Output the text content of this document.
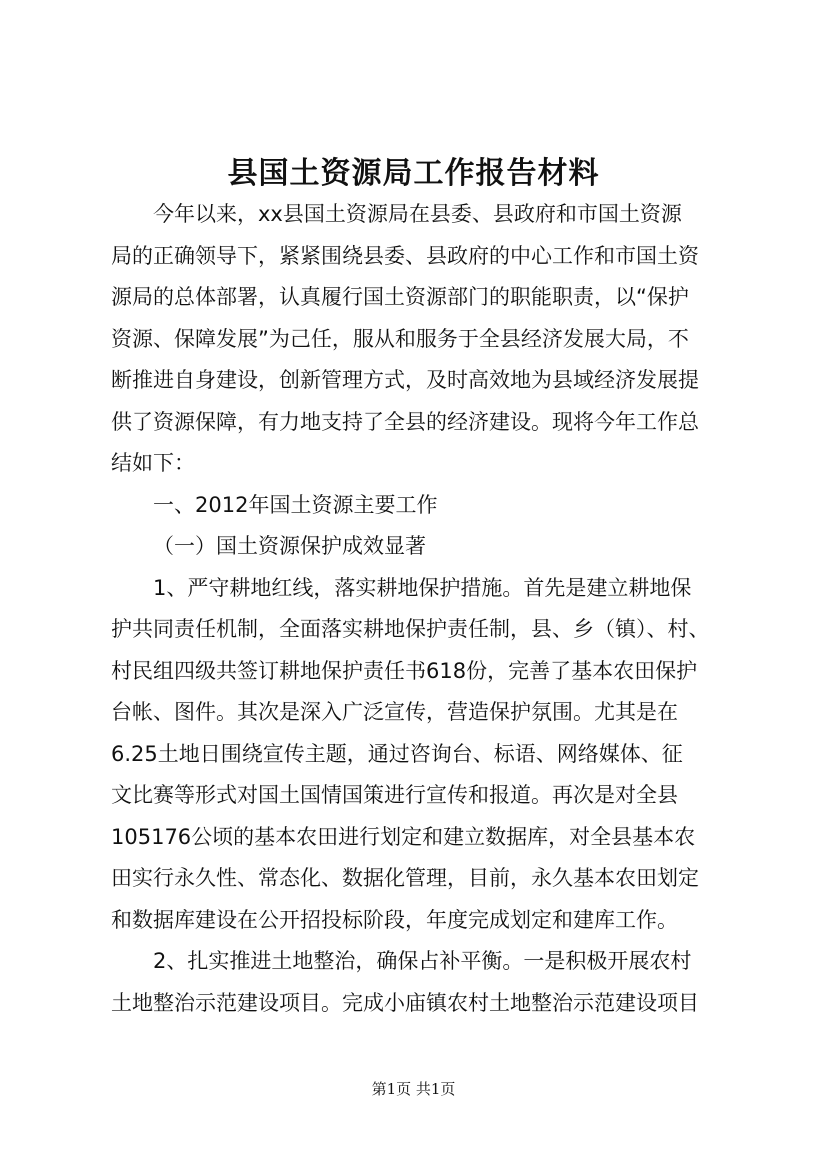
县国土资源局工作报告材料
今年以来，xx县国土资源局在县委、县政府和市国土资源
局的正确领导下，紧紧围绕县委、县政府的中心工作和市国土资
源局的总体部署，认真履行国土资源部门的职能职责，以“保护
资源、保障发展”为己任，服从和服务于全县经济发展大局，不
断推进自身建设，创新管理方式，及时高效地为县域经济发展提
供了资源保障，有力地支持了全县的经济建设。现将今年工作总
结如下：
一、2012年国土资源主要工作
（一）国土资源保护成效显著
1、严守耕地红线，落实耕地保护措施。首先是建立耕地保
护共同责任机制，全面落实耕地保护责任制，县、乡（镇）、村、
村民组四级共签订耕地保护责任书618份，完善了基本农田保护
台帐、图件。其次是深入广泛宣传，营造保护氛围。尤其是在
6.25土地日围绕宣传主题，通过咨询台、标语、网络媒体、征
文比赛等形式对国土国情国策进行宣传和报道。再次是对全县
105176公顷的基本农田进行划定和建立数据库，对全县基本农
田实行永久性、常态化、数据化管理，目前，永久基本农田划定
和数据库建设在公开招投标阶段，年度完成划定和建库工作。
2、扎实推进土地整治，确保占补平衡。一是积极开展农村
土地整治示范建设项目。完成小庙镇农村土地整治示范建设项目
第1页 共1页
